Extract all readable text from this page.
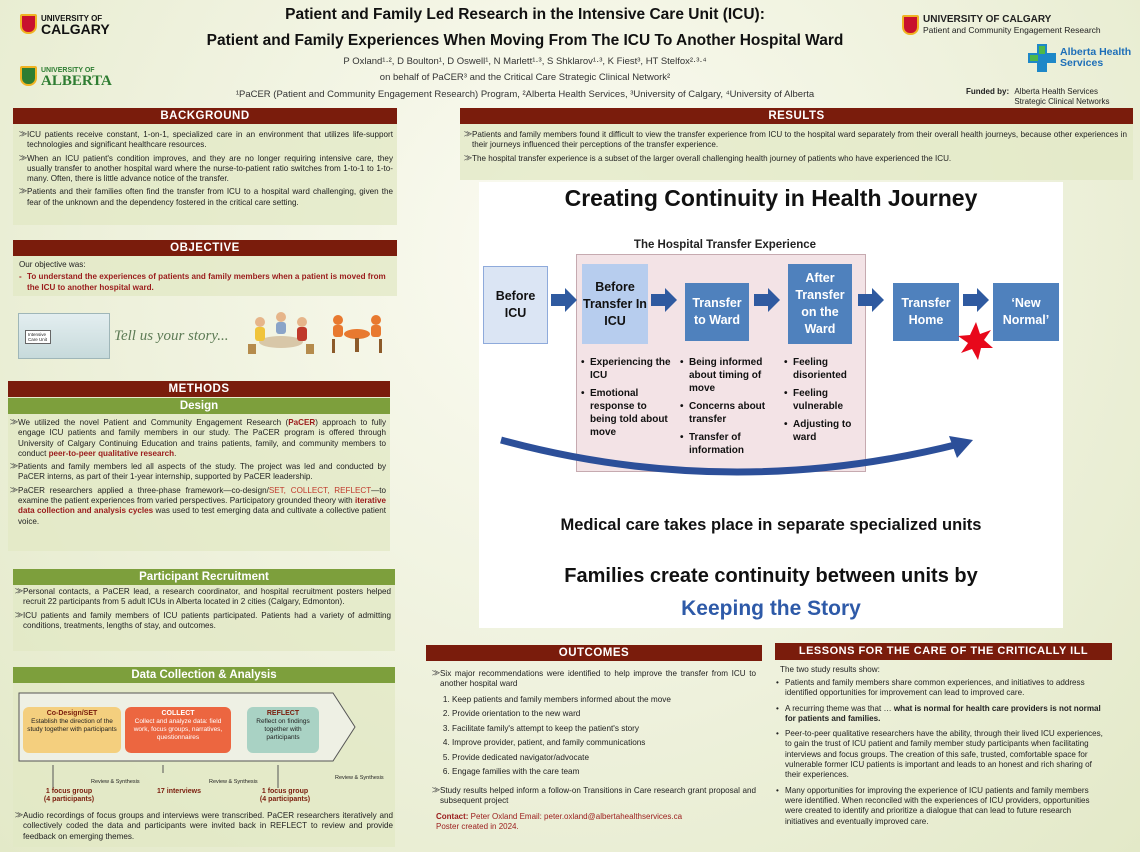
UNIVERSITY OF
CALGARY
UNIVERSITY OF
ALBERTA
Patient and Family Led Research in the Intensive Care Unit (ICU):
Patient and Family Experiences When Moving From The ICU To Another Hospital Ward
P Oxland¹·², D Boulton¹, D Oswell¹, N Marlett¹·³, S Shklarov¹·³, K Fiest³, HT Stelfox²·³·⁴
on behalf of PaCER³ and the Critical Care Strategic Clinical Network²
¹PaCER (Patient and Community Engagement Research) Program, ²Alberta Health Services, ³University of Calgary, ⁴University of Alberta
UNIVERSITY OF CALGARY
Patient and Community Engagement Research
Alberta Health
Services
Funded by: Alberta Health Services
Strategic Clinical Networks
BACKGROUND
⨠ ICU patients receive constant, 1-on-1, specialized care in an environment that utilizes life-support technologies and significant healthcare resources.
⨠ When an ICU patient's condition improves, and they are no longer requiring intensive care, they usually transfer to another hospital ward where the nurse-to-patient ratio switches from 1-to-1 to 1-to-many. Often, there is little advance notice of the transfer.
⨠ Patients and their families often find the transfer from ICU to a hospital ward challenging, given the fear of the unknown and the dependency fostered in the critical care setting.
OBJECTIVE
Our objective was:
- To understand the experiences of patients and family members when a patient is moved from the ICU to another hospital ward.
Intensive Care Unit	Tell us your story...
METHODS
Design
⨠ We utilized the novel Patient and Community Engagement Research (PaCER) approach to fully engage ICU patients and family members in our study. The PaCER program is offered through University of Calgary Continuing Education and trains patients, family, and community members to conduct peer-to-peer qualitative research.
⨠ Patients and family members led all aspects of the study. The project was led and conducted by PaCER interns, as part of their 1-year internship, supported by PaCER leadership.
⨠ PaCER researchers applied a three-phase framework—co-design/SET, COLLECT, REFLECT—to examine the patient experiences from varied perspectives. Participatory grounded theory with iterative data collection and analysis cycles was used to test emerging data and cultivate a collective patient voice.
Participant Recruitment
⨠ Personal contacts, a PaCER lead, a research coordinator, and hospital recruitment posters helped recruit 22 participants from 5 adult ICUs in Alberta located in 2 cities (Calgary, Edmonton).
⨠ ICU patients and family members of ICU patients participated. Patients had a variety of admitting conditions, treatments, lengths of stay, and outcomes.
Data Collection & Analysis
Co-Design/SET
Establish the direction of the study together with participants
COLLECT
Collect and analyze data: field work, focus groups, narratives, questionnaires
REFLECT
Reflect on findings together with participants
Review & Synthesis	Review & Synthesis
Review & Synthesis
1 focus group
(4 participants)
17 interviews	1 focus group
(4 participants)
⨠ Audio recordings of focus groups and interviews were transcribed. PaCER researchers iteratively and collectively coded the data and participants were invited back in REFLECT to review and provide feedback on emerging themes.
RESULTS
⨠ Patients and family members found it difficult to view the transfer experience from ICU to the hospital ward separately from their overall health journeys, because other experiences in their journeys influenced their perceptions of the transfer experience.
⨠ The hospital transfer experience is a subset of the larger overall challenging health journey of patients who have experienced the ICU.
Creating Continuity in Health Journey
The Hospital Transfer Experience
Before ICU
Before Transfer In ICU
Transfer to Ward
After Transfer on the Ward
Transfer Home
‘New Normal’
• Experiencing the ICU
• Emotional response to being told about move
• Being informed about timing of move
• Concerns about transfer
• Transfer of information
• Feeling disoriented
• Feeling vulnerable
• Adjusting to ward
Medical care takes place in separate specialized units
Families create continuity between units by
Keeping the Story
OUTCOMES
⨠ Six major recommendations were identified to help improve the transfer from ICU to another hospital ward
1. Keep patients and family members informed about the move
2. Provide orientation to the new ward
3. Facilitate family's attempt to keep the patient's story
4. Improve provider, patient, and family communications
5. Provide dedicated navigator/advocate
6. Engage families with the care team
⨠ Study results helped inform a follow-on Transitions in Care research grant proposal and subsequent project
Contact: Peter Oxland Email: peter.oxland@albertahealthservices.ca
Poster created in 2024.
LESSONS FOR THE CARE OF THE CRITICALLY ILL
The two study results show:
• Patients and family members share common experiences, and initiatives to address identified opportunities for improvement can lead to improved care.
• A recurring theme was that … what is normal for health care providers is not normal for patients and families.
• Peer-to-peer qualitative researchers have the ability, through their lived ICU experiences, to gain the trust of ICU patient and family member study participants when facilitating interviews and focus groups. The creation of this safe, trusted, comfortable space for vulnerable former ICU patients is important and leads to an honest and rich sharing of their experiences.
• Many opportunities for improving the experience of ICU patients and family members were identified. When reconciled with the experiences of ICU providers, opportunities were created to identify and prioritize a dialogue that can lead to future research initiatives and eventually improved care.
